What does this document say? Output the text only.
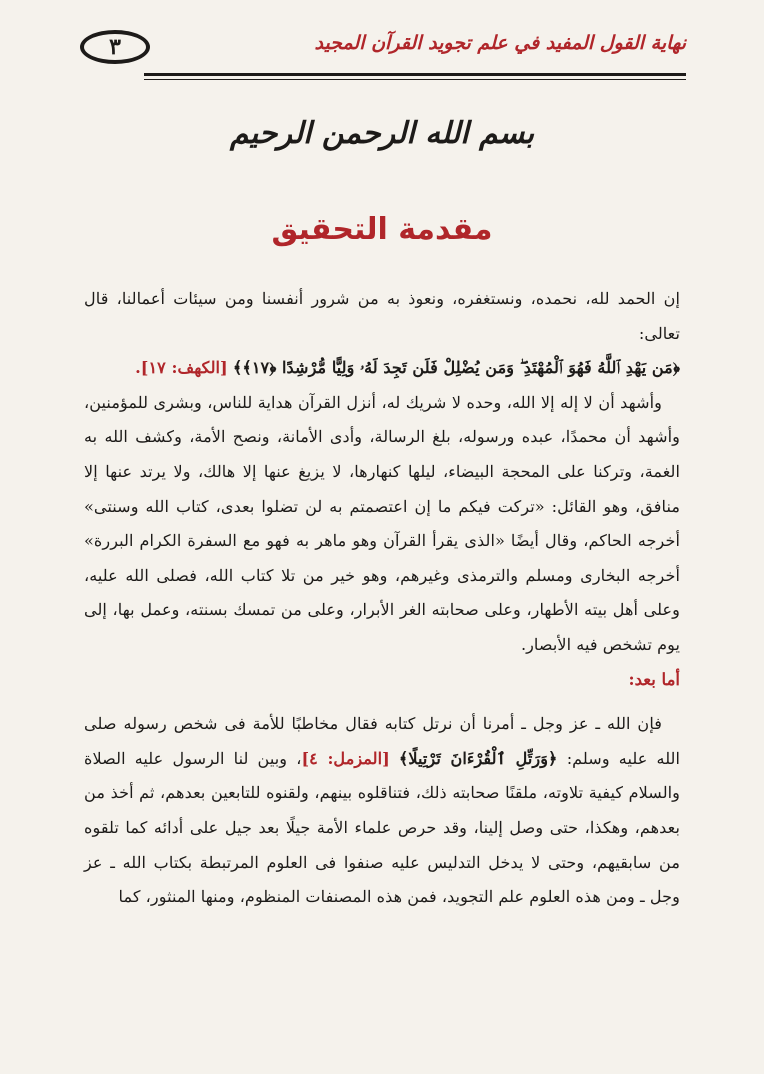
نهاية القول المفيد في علم تجويد القرآن المجيد
٣
بسم الله الرحمن الرحيم
مقدمة التحقيق

إن الحمد لله، نحمده، ونستغفره، ونعوذ به من شرور أنفسنا ومن سيئات أعمالنا، قال تعالى:

﴿مَن يَهْدِ ٱللَّهُ فَهُوَ ٱلْمُهْتَدِ ۖ وَمَن يُضْلِلْ فَلَن تَجِدَ لَهُۥ وَلِيًّا مُّرْشِدًا ﴿١٧﴾﴾ [الكهف: ١٧].

وأشهد أن لا إله إلا الله، وحده لا شريك له، أنزل القرآن هداية للناس، وبشرى للمؤمنين، وأشهد أن محمدًا، عبده ورسوله، بلغ الرسالة، وأدى الأمانة، ونصح الأمة، وكشف الله به الغمة، وتركنا على المحجة البيضاء، ليلها كنهارها، لا يزيغ عنها إلا هالك، ولا يرتد عنها إلا منافق، وهو القائل: «تركت فيكم ما إن اعتصمتم به لن تضلوا بعدى، كتاب الله وسنتى» أخرجه الحاكم، وقال أيضًا «الذى يقرأ القرآن وهو ماهر به فهو مع السفرة الكرام البررة» أخرجه البخارى ومسلم والترمذى وغيرهم، وهو خير من تلا كتاب الله، فصلى الله عليه، وعلى أهل بيته الأطهار، وعلى صحابته الغر الأبرار، وعلى من تمسك بسنته، وعمل بها، إلى يوم تشخص فيه الأبصار.

أما بعد:

فإن الله ـ عز وجل ـ أمرنا أن نرتل كتابه فقال مخاطبًا للأمة فى شخص رسوله صلى الله عليه وسلم: ﴿وَرَتِّلِ ٱلْقُرْءَانَ تَرْتِيلًا﴾ [المزمل: ٤]، وبين لنا الرسول عليه الصلاة والسلام كيفية تلاوته، ملقنًا صحابته ذلك، فتناقلوه بينهم، ولقنوه للتابعين بعدهم، ثم أخذ من بعدهم، وهكذا، حتى وصل إلينا، وقد حرص علماء الأمة جيلًا بعد جيل على أدائه كما تلقوه من سابقيهم، وحتى لا يدخل التدليس عليه صنفوا فى العلوم المرتبطة بكتاب الله ـ عز وجل ـ ومن هذه العلوم علم التجويد، فمن هذه المصنفات المنظوم، ومنها المنثور، كما
